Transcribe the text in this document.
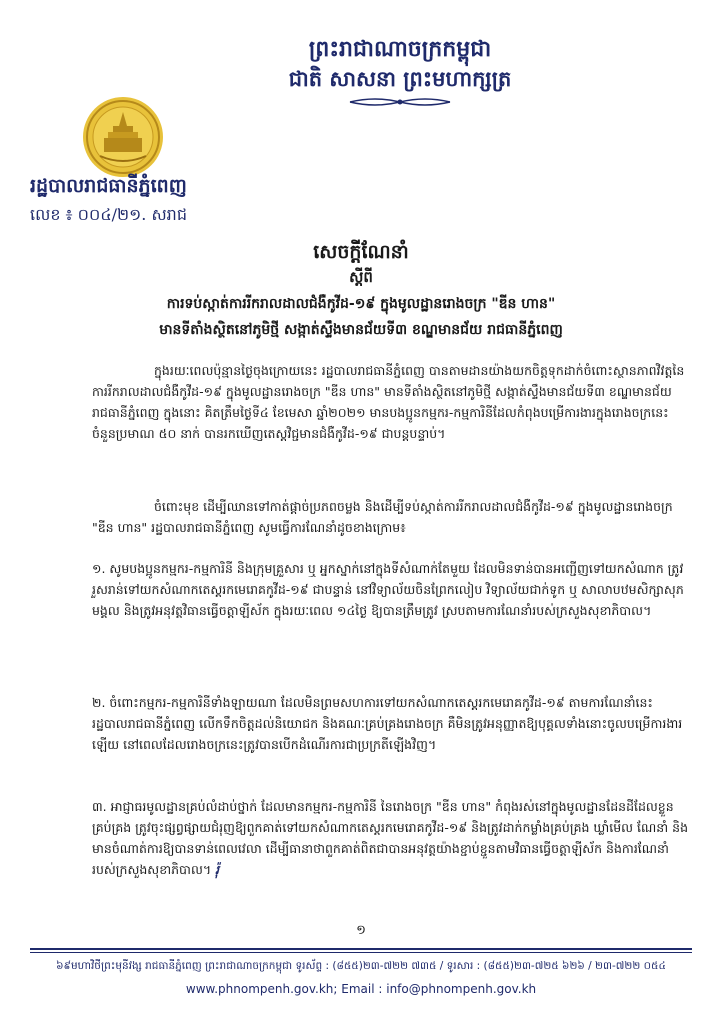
ព្រះរាជាណាចក្រកម្ពុជា
ជាតិ សាសនា ព្រះមហាក្សត្រ
រដ្ឋបាលរាជធានីភ្នំពេញ
លេខ ៖ ០០៤/២១. សរាជ
សេចក្តីណែនាំ
ស្តីពី
ការទប់ស្កាត់ការរីករាលដាលជំងឺកូវីដ-១៩ ក្នុងមូលដ្ឋានរោងចក្រ "ឌីន ហាន"
មានទីតាំងស្ថិតនៅភូមិថ្មី សង្កាត់ស្ទឹងមានជ័យទី៣ ខណ្ឌមានជ័យ រាជធានីភ្នំពេញ
ក្នុងរយៈពេលប៉ុន្មានថ្ងៃចុងក្រោយនេះ រដ្ឋបាលរាជធានីភ្នំពេញ បានតាមដានយ៉ាងយកចិត្តទុកដាក់ចំពោះស្ថានភាពវិវត្តនៃការរីករាលដាលជំងឺកូវីដ-១៩ ក្នុងមូលដ្ឋានរោងចក្រ "ឌីន ហាន" មានទីតាំងស្ថិតនៅភូមិថ្មី សង្កាត់ស្ទឹងមានជ័យទី៣ ខណ្ឌមានជ័យ រាជធានីភ្នំពេញ ក្នុងនោះ គិតត្រឹមថ្ងៃទី៤ ខែមេសា ឆ្នាំ២០២១ មានបងប្អូនកម្មករ-កម្មការិនីដែលកំពុងបម្រើការងារក្នុងរោងចក្រនេះ ចំនួនប្រមាណ ៥០ នាក់ បានរកឃើញតេស្តវិជ្ជមានជំងឺកូវីដ-១៩ ជាបន្តបន្ទាប់។
ចំពោះមុខ ដើម្បីឈានទៅកាត់ផ្តាច់ប្រភពចម្លង និងដើម្បីទប់ស្កាត់ការរីករាលដាលជំងឺកូវីដ-១៩ ក្នុងមូលដ្ឋានរោងចក្រ "ឌីន ហាន" រដ្ឋបាលរាជធានីភ្នំពេញ សូមធ្វើការណែនាំដូចខាងក្រោម៖
១. សូមបងប្អូនកម្មករ-កម្មការិនី និងក្រុមគ្រួសារ ឬ អ្នកស្នាក់នៅក្នុងទីសំណាក់តែមួយ ដែលមិនទាន់បានអញ្ជើញទៅយកសំណាក ត្រូវរួសរាន់ទៅយកសំណាកតេស្តរកមេរោគកូវីដ-១៩ ជាបន្ទាន់ នៅវិទ្យាល័យចិនព្រែកលៀប វិទ្យាល័យជាក់ទូក ឬ សាលាបឋមសិក្សាសុភមង្គល និងត្រូវអនុវត្តវិធានធ្វើចត្តាឡីស័ក ក្នុងរយៈពេល ១៤ថ្ងៃ ឱ្យបានត្រឹមត្រូវ ស្របតាមការណែនាំរបស់ក្រសួងសុខាភិបាល។
២. ចំពោះកម្មករ-កម្មការិនីទាំងឡាយណា ដែលមិនព្រមសហការទៅយកសំណាកតេស្តរកមេរោគកូវីដ-១៩ តាមការណែនាំនេះ រដ្ឋបាលរាជធានីភ្នំពេញ លើកទឹកចិត្តដល់និយោជក និងគណៈគ្រប់គ្រងរោងចក្រ គឺមិនត្រូវអនុញ្ញាតឱ្យបុគ្គលទាំងនោះចូលបម្រើការងារឡើយ នៅពេលដែលរោងចក្រនេះត្រូវបានបើកដំណើរការជាប្រក្រតីឡើងវិញ។
៣. អាជ្ញាធរមូលដ្ឋានគ្រប់លំដាប់ថ្នាក់ ដែលមានកម្មករ-កម្មការិនី នៃរោងចក្រ "ឌីន ហាន" កំពុងរស់នៅក្នុងមូលដ្ឋានដែនដីដែលខ្លួនគ្រប់គ្រង ត្រូវចុះផ្សព្វផ្សាយជំរុញឱ្យពួកគាត់ទៅយកសំណាកតេស្តរកមេរោគកូវីដ-១៩ និងត្រូវដាក់កម្លាំងគ្រប់គ្រង ឃ្លាំមើល ណែនាំ និងមានចំណាត់ការឱ្យបានទាន់ពេលវេលា ដើម្បីធានាថាពួកគាត់ពិតជាបានអនុវត្តយ៉ាងខ្ជាប់ខ្ជួនតាមវិធានធ្វើចត្តាឡីស័ក និងការណែនាំរបស់ក្រសួងសុខាភិបាល។ រ៉ុ
១
៦៩មហាវិថីព្រះមុនីវង្ស រាជធានីភ្នំពេញ ព្រះរាជាណាចក្រកម្ពុជា ទូរស័ព្ទ : (៨៥៥)២៣-៧២២ ៧៣៥ / ទូរសារ : (៨៥៥)២៣-៧២៥ ៦២៦ / ២៣-៧២២ ០៥៤
www.phnompenh.gov.kh; Email : info@phnompenh.gov.kh
